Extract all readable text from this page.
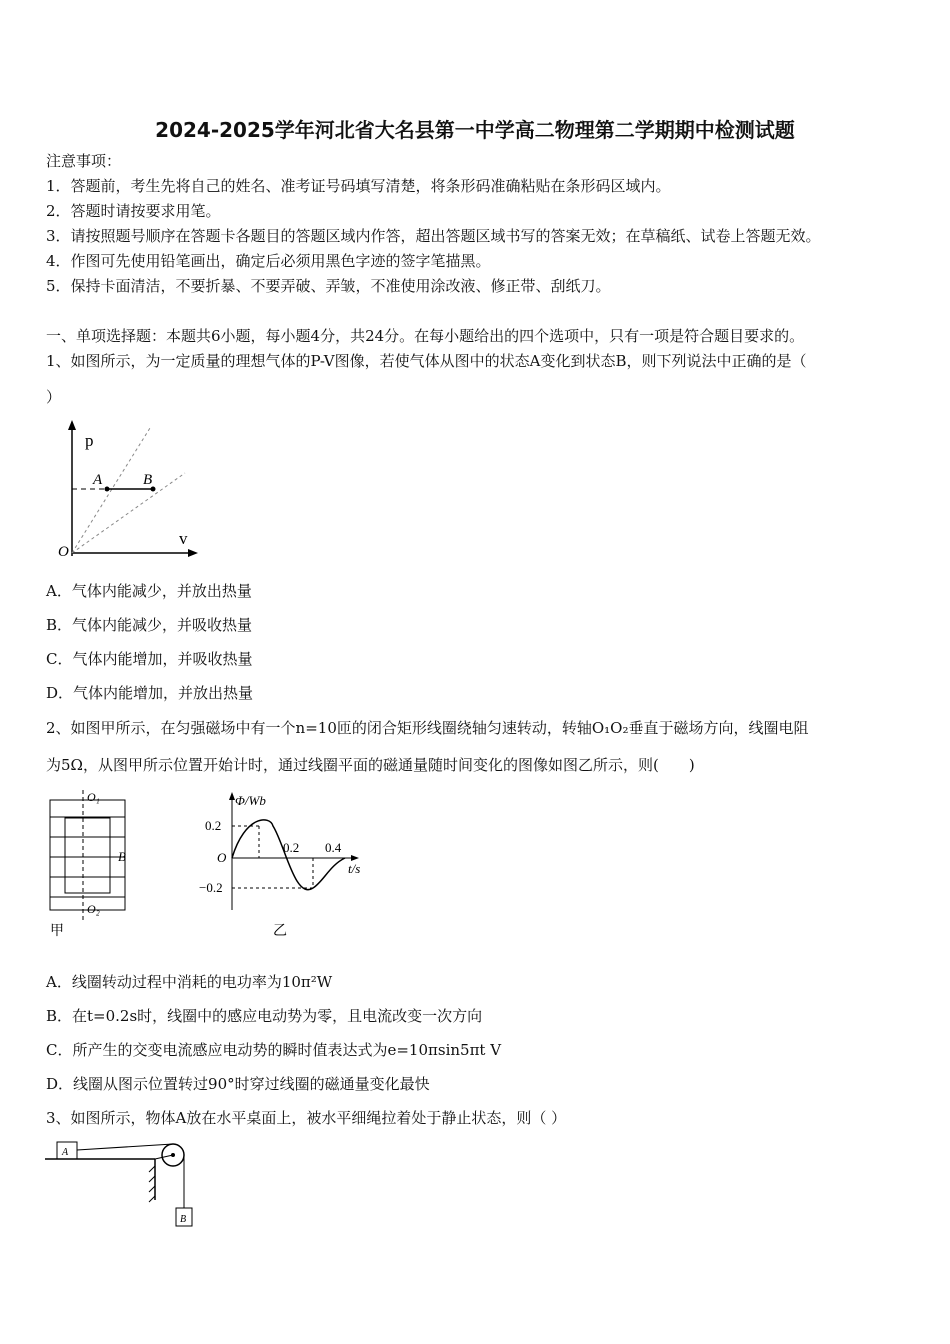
2024-2025学年河北省大名县第一中学高二物理第二学期期中检测试题
注意事项：
1．答题前，考生先将自己的姓名、准考证号码填写清楚，将条形码准确粘贴在条形码区域内。
2．答题时请按要求用笔。
3．请按照题号顺序在答题卡各题目的答题区域内作答，超出答题区域书写的答案无效；在草稿纸、试卷上答题无效。
4．作图可先使用铅笔画出，确定后必须用黑色字迹的签字笔描黑。
5．保持卡面清洁，不要折暴、不要弄破、弄皱，不准使用涂改液、修正带、刮纸刀。
一、单项选择题：本题共6小题，每小题4分，共24分。在每小题给出的四个选项中，只有一项是符合题目要求的。
1、如图所示，为一定质量的理想气体的P-V图像，若使气体从图中的状态A变化到状态B，则下列说法中正确的是（
）
p
v
O
A	B
A．气体内能减少，并放出热量
B．气体内能减少，并吸收热量
C．气体内能增加，并吸收热量
D．气体内能增加，并放出热量
2、如图甲所示，在匀强磁场中有一个n=10匝的闭合矩形线圈绕轴匀速转动，转轴O₁O₂垂直于磁场方向，线圈电阻
为5Ω，从图甲所示位置开始计时，通过线圈平面的磁通量随时间变化的图像如图乙所示，则(　　)
O₁
O₂
B
甲
Φ/Wb
0.2
−0.2
O
0.2 0.4
t/s
乙
A．线圈转动过程中消耗的电功率为10π²W
B．在t=0.2s时，线圈中的感应电动势为零，且电流改变一次方向
C．所产生的交变电流感应电动势的瞬时值表达式为e=10πsin5πt V
D．线圈从图示位置转过90°时穿过线圈的磁通量变化最快
3、如图所示，物体A放在水平桌面上，被水平细绳拉着处于静止状态，则（ ）
A
B
